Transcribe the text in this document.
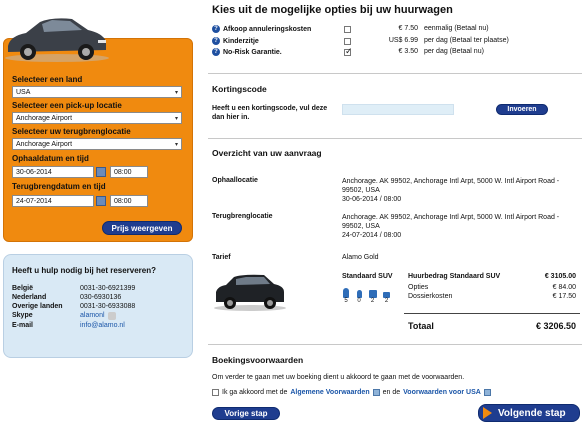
Selecteer een land
USA	▾
Selecteer een pick-up locatie
Anchorage Airport	▾
Selecteer uw terugbrenglocatie
Anchorage Airport	▾
Ophaaldatum en tijd
30-06-2014	08:00
Terugbrengdatum en tijd
24-07-2014	08:00
Prijs weergeven
Heeft u hulp nodig bij het reserveren?
België	0031-30-6921399
Nederland	030-6930136
Overige landen	0031-30-6933088
Skype	alamonl
E-mail	info@alamo.nl
Kies uit de mogelijke opties bij uw huurwagen
? Afkoop annuleringskosten	€ 7.50 eenmalig (Betaal nu)
? Kinderzitje	US$ 6.99 per dag (Betaal ter plaatse)
? No-Risk Garantie.	✓	€ 3.50 per dag (Betaal nu)
Kortingscode
Heeft u een kortingscode, vul deze dan hier in.
Invoeren
Overzicht van uw aanvraag
Ophaallocatie	Anchorage. AK 99502, Anchorage Intl Arpt, 5000 W. Intl Airport Road - 99502, USA
30-06-2014 / 08:00
Terugbrenglocatie	Anchorage. AK 99502, Anchorage Intl Arpt, 5000 W. Intl Airport Road - 99502, USA
24-07-2014 / 08:00
Tarief	Alamo Gold
Standaard SUV
5 0 2 2
Huurbedrag Standaard SUV	€ 3105.00
Opties	€ 84.00
Dossierkosten	€ 17.50
Totaal	€ 3206.50
Boekingsvoorwaarden
Om verder te gaan met uw boeking dient u akkoord te gaan met de voorwaarden.
Ik ga akkoord met de Algemene Voorwaarden en de Voorwaarden voor USA
Vorige stap	Volgende stap
